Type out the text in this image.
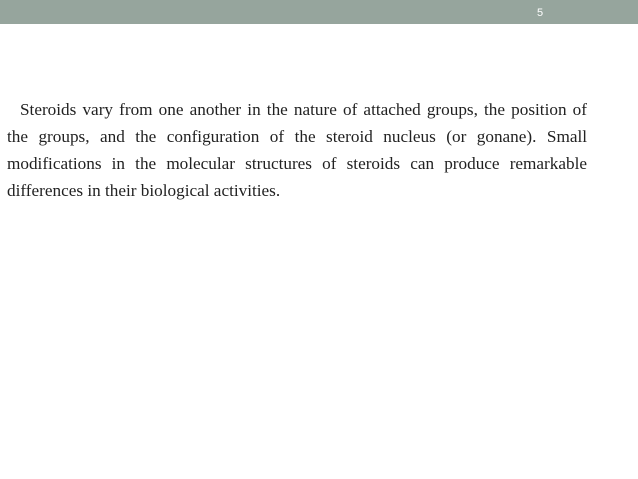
5

Steroids vary from one another in the nature of attached groups, the position of the groups, and the configuration of the steroid nucleus (or gonane). Small modifications in the molecular structures of steroids can produce remarkable differences in their biological activities.
